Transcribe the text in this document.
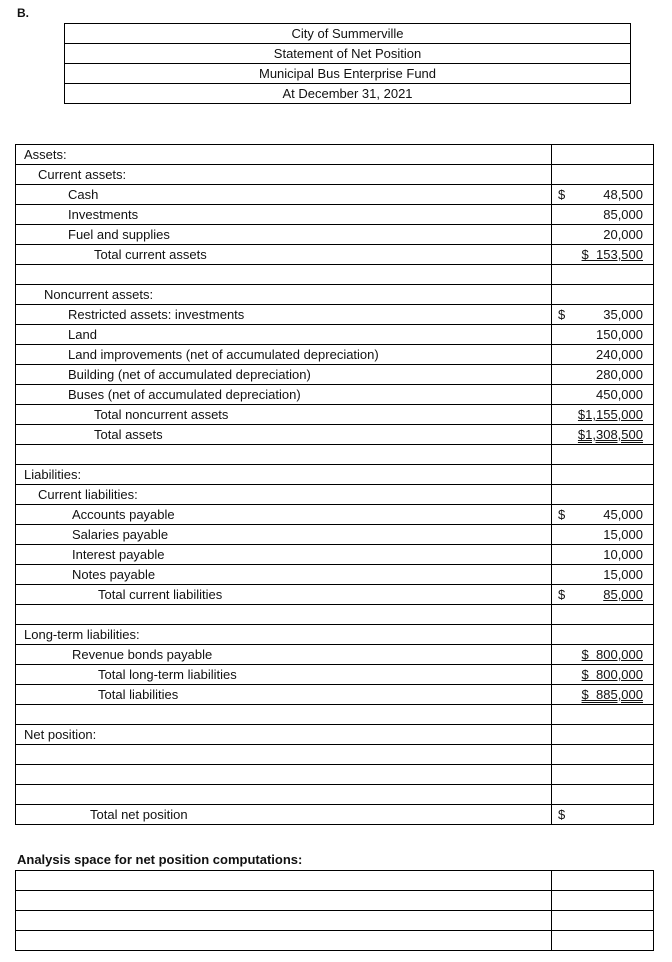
B.
City of Summerville
Statement of Net Position
Municipal Bus Enterprise Fund
At December 31, 2021
Assets:
Current assets:
Cash	$	48,500
Investments	85,000
Fuel and supplies	20,000
Total current assets	$  153,500
Noncurrent assets:
Restricted assets: investments	$	35,000
Land	150,000
Land improvements (net of accumulated depreciation)	240,000
Building (net of accumulated depreciation)	280,000
Buses (net of accumulated depreciation)	450,000
Total noncurrent assets	$1,155,000
Total assets	$1,308,500
Liabilities:
Current liabilities:
Accounts payable	$	45,000
Salaries payable	15,000
Interest payable	10,000
Notes payable	15,000
Total current liabilities	$	85,000
Long-term liabilities:
Revenue bonds payable	$  800,000
Total long-term liabilities	$  800,000
Total liabilities	$  885,000
Net position:
Total net position	$
Analysis space for net position computations:
